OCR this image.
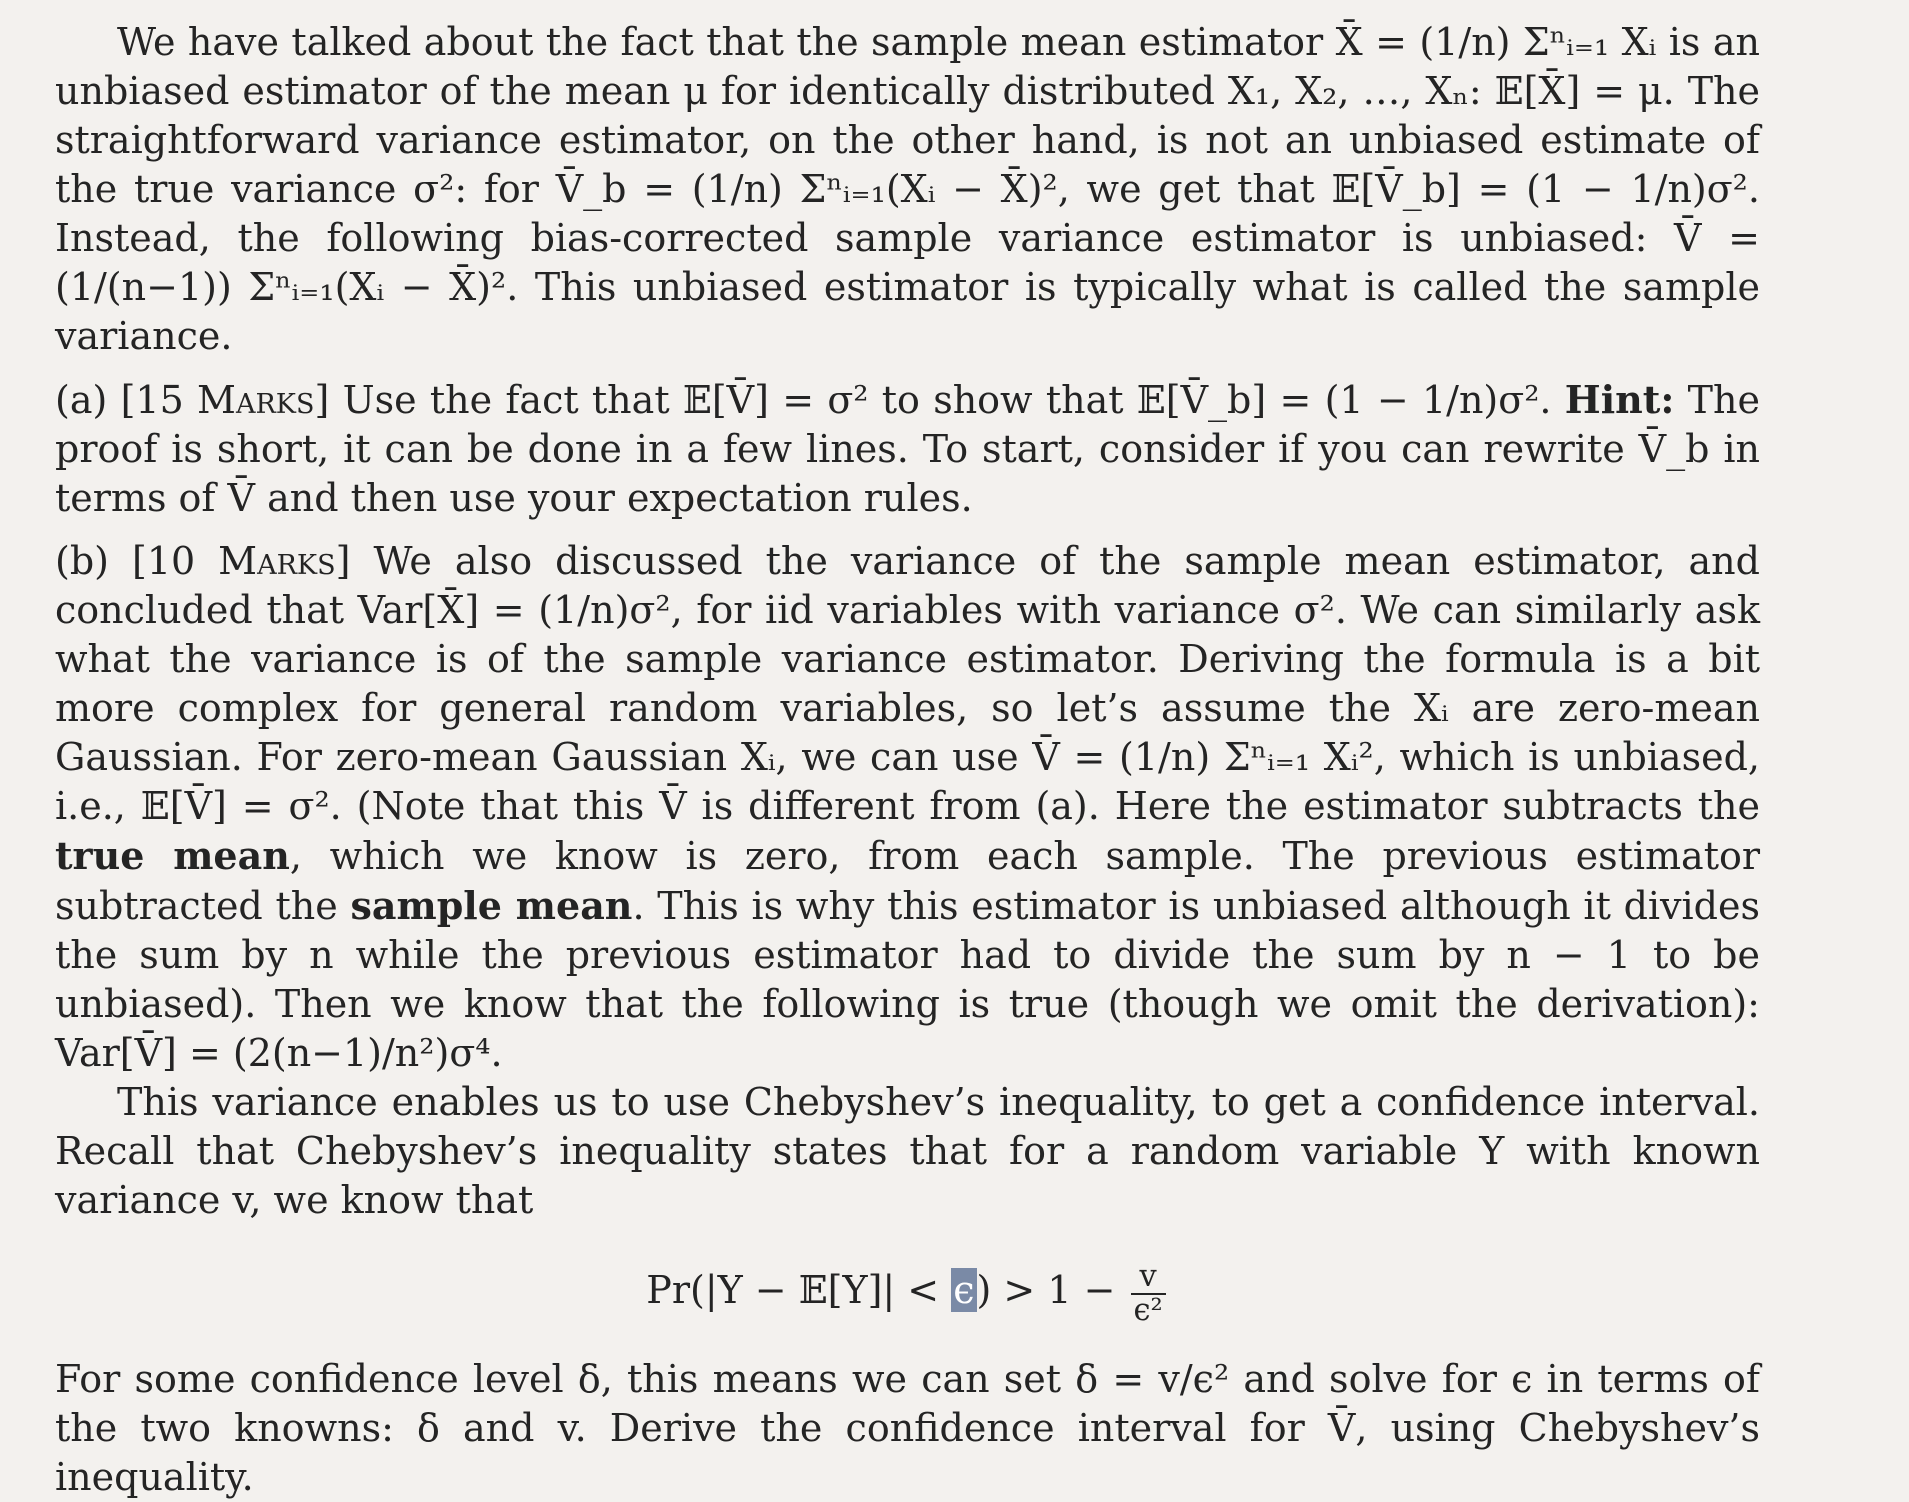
We have talked about the fact that the sample mean estimator X̄ = (1/n) Σⁿᵢ₌₁ Xᵢ is an unbiased estimator of the mean μ for identically distributed X₁, X₂, …, Xₙ: 𝔼[X̄] = μ. The straightforward variance estimator, on the other hand, is not an unbiased estimate of the true variance σ²: for V̄_b = (1/n) Σⁿᵢ₌₁(Xᵢ − X̄)², we get that 𝔼[V̄_b] = (1 − 1/n)σ². Instead, the following bias-corrected sample variance estimator is unbiased: V̄ = (1/(n−1)) Σⁿᵢ₌₁(Xᵢ − X̄)². This unbiased estimator is typically what is called the sample variance.

(a) [15 Marks] Use the fact that 𝔼[V̄] = σ² to show that 𝔼[V̄_b] = (1 − 1/n)σ². Hint: The proof is short, it can be done in a few lines. To start, consider if you can rewrite V̄_b in terms of V̄ and then use your expectation rules.

(b) [10 Marks] We also discussed the variance of the sample mean estimator, and concluded that Var[X̄] = (1/n)σ², for iid variables with variance σ². We can similarly ask what the variance is of the sample variance estimator. Deriving the formula is a bit more complex for general random variables, so let’s assume the Xᵢ are zero-mean Gaussian. For zero-mean Gaussian Xᵢ, we can use V̄ = (1/n) Σⁿᵢ₌₁ Xᵢ², which is unbiased, i.e., 𝔼[V̄] = σ². (Note that this V̄ is different from (a). Here the estimator subtracts the true mean, which we know is zero, from each sample. The previous estimator subtracted the sample mean. This is why this estimator is unbiased although it divides the sum by n while the previous estimator had to divide the sum by n − 1 to be unbiased). Then we know that the following is true (though we omit the derivation): Var[V̄] = (2(n−1)/n²)σ⁴.

This variance enables us to use Chebyshev’s inequality, to get a confidence interval. Recall that Chebyshev’s inequality states that for a random variable Y with known variance v, we know that

Pr(|Y − 𝔼[Y]| < $\epsilon) > 1 - \frac{v}{\text{ϵ²}}$

For some confidence level δ, this means we can set δ = v/ϵ² and solve for ϵ in terms of the two knowns: δ and v. Derive the confidence interval for V̄, using Chebyshev’s inequality.
